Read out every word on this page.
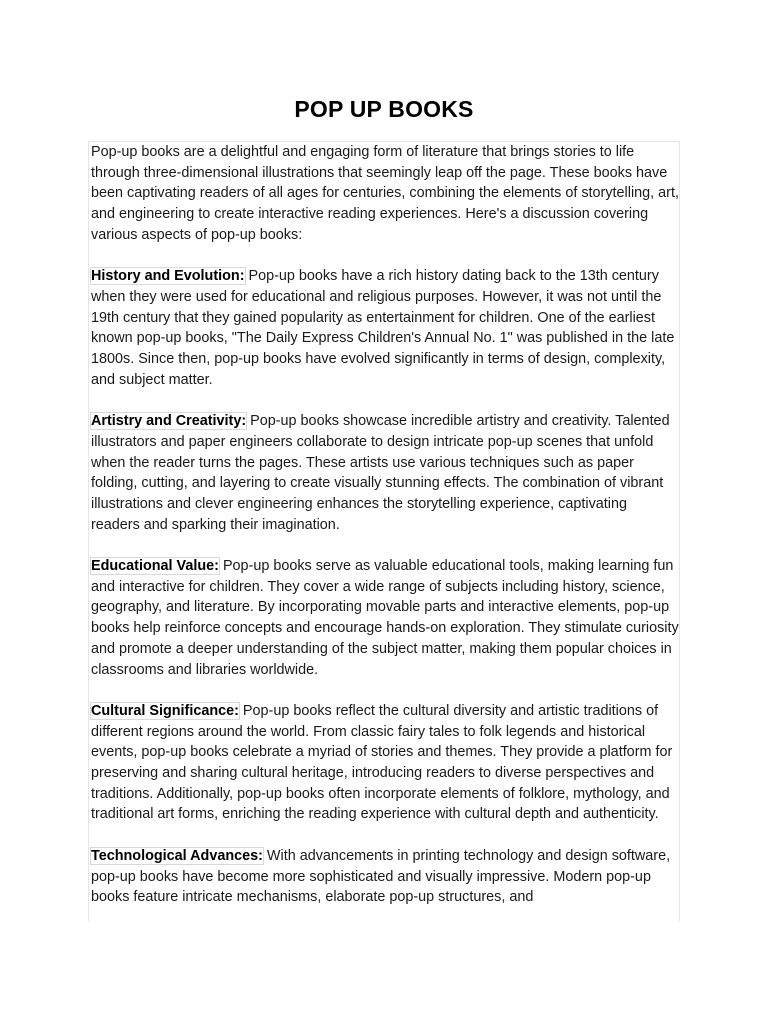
POP UP BOOKS

Pop-up books are a delightful and engaging form of literature that brings stories to life through three-dimensional illustrations that seemingly leap off the page. These books have been captivating readers of all ages for centuries, combining the elements of storytelling, art, and engineering to create interactive reading experiences. Here's a discussion covering various aspects of pop-up books:

History and Evolution: Pop-up books have a rich history dating back to the 13th century when they were used for educational and religious purposes. However, it was not until the 19th century that they gained popularity as entertainment for children. One of the earliest known pop-up books, "The Daily Express Children's Annual No. 1" was published in the late 1800s. Since then, pop-up books have evolved significantly in terms of design, complexity, and subject matter.

Artistry and Creativity: Pop-up books showcase incredible artistry and creativity. Talented illustrators and paper engineers collaborate to design intricate pop-up scenes that unfold when the reader turns the pages. These artists use various techniques such as paper folding, cutting, and layering to create visually stunning effects. The combination of vibrant illustrations and clever engineering enhances the storytelling experience, captivating readers and sparking their imagination.

Educational Value: Pop-up books serve as valuable educational tools, making learning fun and interactive for children. They cover a wide range of subjects including history, science, geography, and literature. By incorporating movable parts and interactive elements, pop-up books help reinforce concepts and encourage hands-on exploration. They stimulate curiosity and promote a deeper understanding of the subject matter, making them popular choices in classrooms and libraries worldwide.

Cultural Significance: Pop-up books reflect the cultural diversity and artistic traditions of different regions around the world. From classic fairy tales to folk legends and historical events, pop-up books celebrate a myriad of stories and themes. They provide a platform for preserving and sharing cultural heritage, introducing readers to diverse perspectives and traditions. Additionally, pop-up books often incorporate elements of folklore, mythology, and traditional art forms, enriching the reading experience with cultural depth and authenticity.

Technological Advances: With advancements in printing technology and design software, pop-up books have become more sophisticated and visually impressive. Modern pop-up books feature intricate mechanisms, elaborate pop-up structures, and
